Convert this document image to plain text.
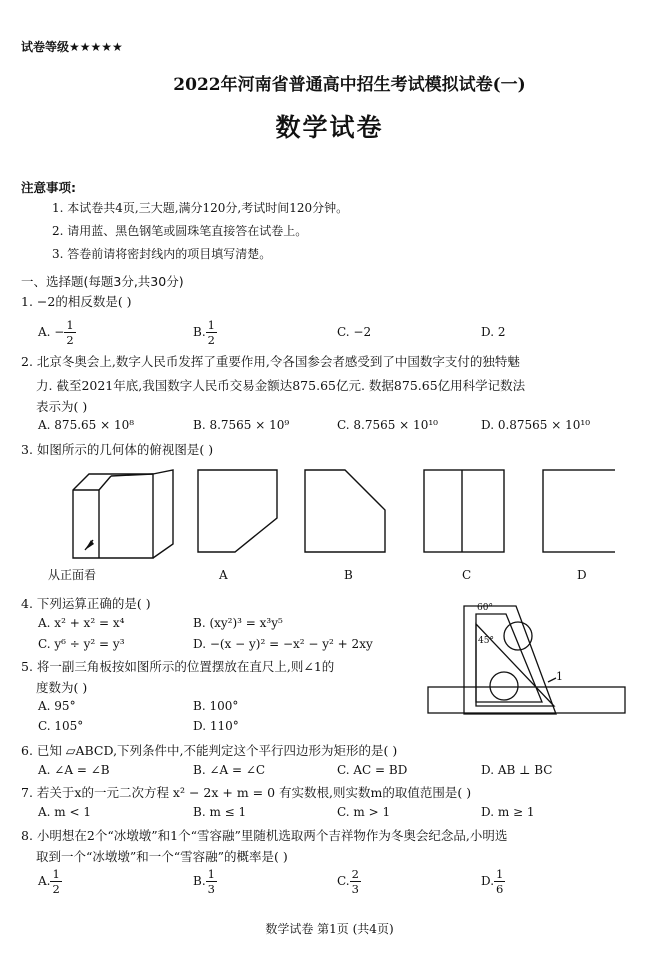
试卷等级★★★★★
2022年河南省普通高中招生考试模拟试卷(一)
数学试卷
注意事项:
1. 本试卷共4页,三大题,满分120分,考试时间120分钟。
2. 请用蓝、黑色钢笔或圆珠笔直接答在试卷上。
3. 答卷前请将密封线内的项目填写清楚。
一、选择题(每题3分,共30分)
1. −2的相反数是( )
A. − $\frac{1}{2}$	B. $\frac{1}{2}$	C. −2	D. 2
2. 北京冬奥会上,数字人民币发挥了重要作用,令各国参会者感受到了中国数字支付的独特魅
力. 截至2021年底,我国数字人民币交易金额达875.65亿元. 数据875.65亿用科学记数法
表示为( )
A. 875.65 × 10⁸	B. 8.7565 × 10⁹	C. 8.7565 × 10¹⁰	D. 0.87565 × 10¹⁰
3. 如图所示的几何体的俯视图是( )
从正面看	A	B	C	D
4. 下列运算正确的是( )
A. x² + x² = x⁴	B. (xy²)³ = x³y⁵
C. y⁶ ÷ y² = y³	D. −(x − y)² = −x² − y² + 2xy
60°
45°
1
5. 将一副三角板按如图所示的位置摆放在直尺上,则∠1的
度数为( )
A. 95°	B. 100°
C. 105°	D. 110°
6. 已知 ▱ABCD,下列条件中,不能判定这个平行四边形为矩形的是( )
A. ∠A = ∠B	B. ∠A = ∠C	C. AC = BD	D. AB ⊥ BC
7. 若关于x的一元二次方程 x² − 2x + m = 0 有实数根,则实数m的取值范围是( )
A. m < 1	B. m ≤ 1	C. m > 1	D. m ≥ 1
8. 小明想在2个“冰墩墩”和1个“雪容融”里随机选取两个吉祥物作为冬奥会纪念品,小明选
取到一个“冰墩墩”和一个“雪容融”的概率是( )
A. $\frac{1}{2}$	B. $\frac{1}{3}$	C. $\frac{2}{3}$	D. $\frac{1}{6}$
数学试卷 第1页 (共4页)
